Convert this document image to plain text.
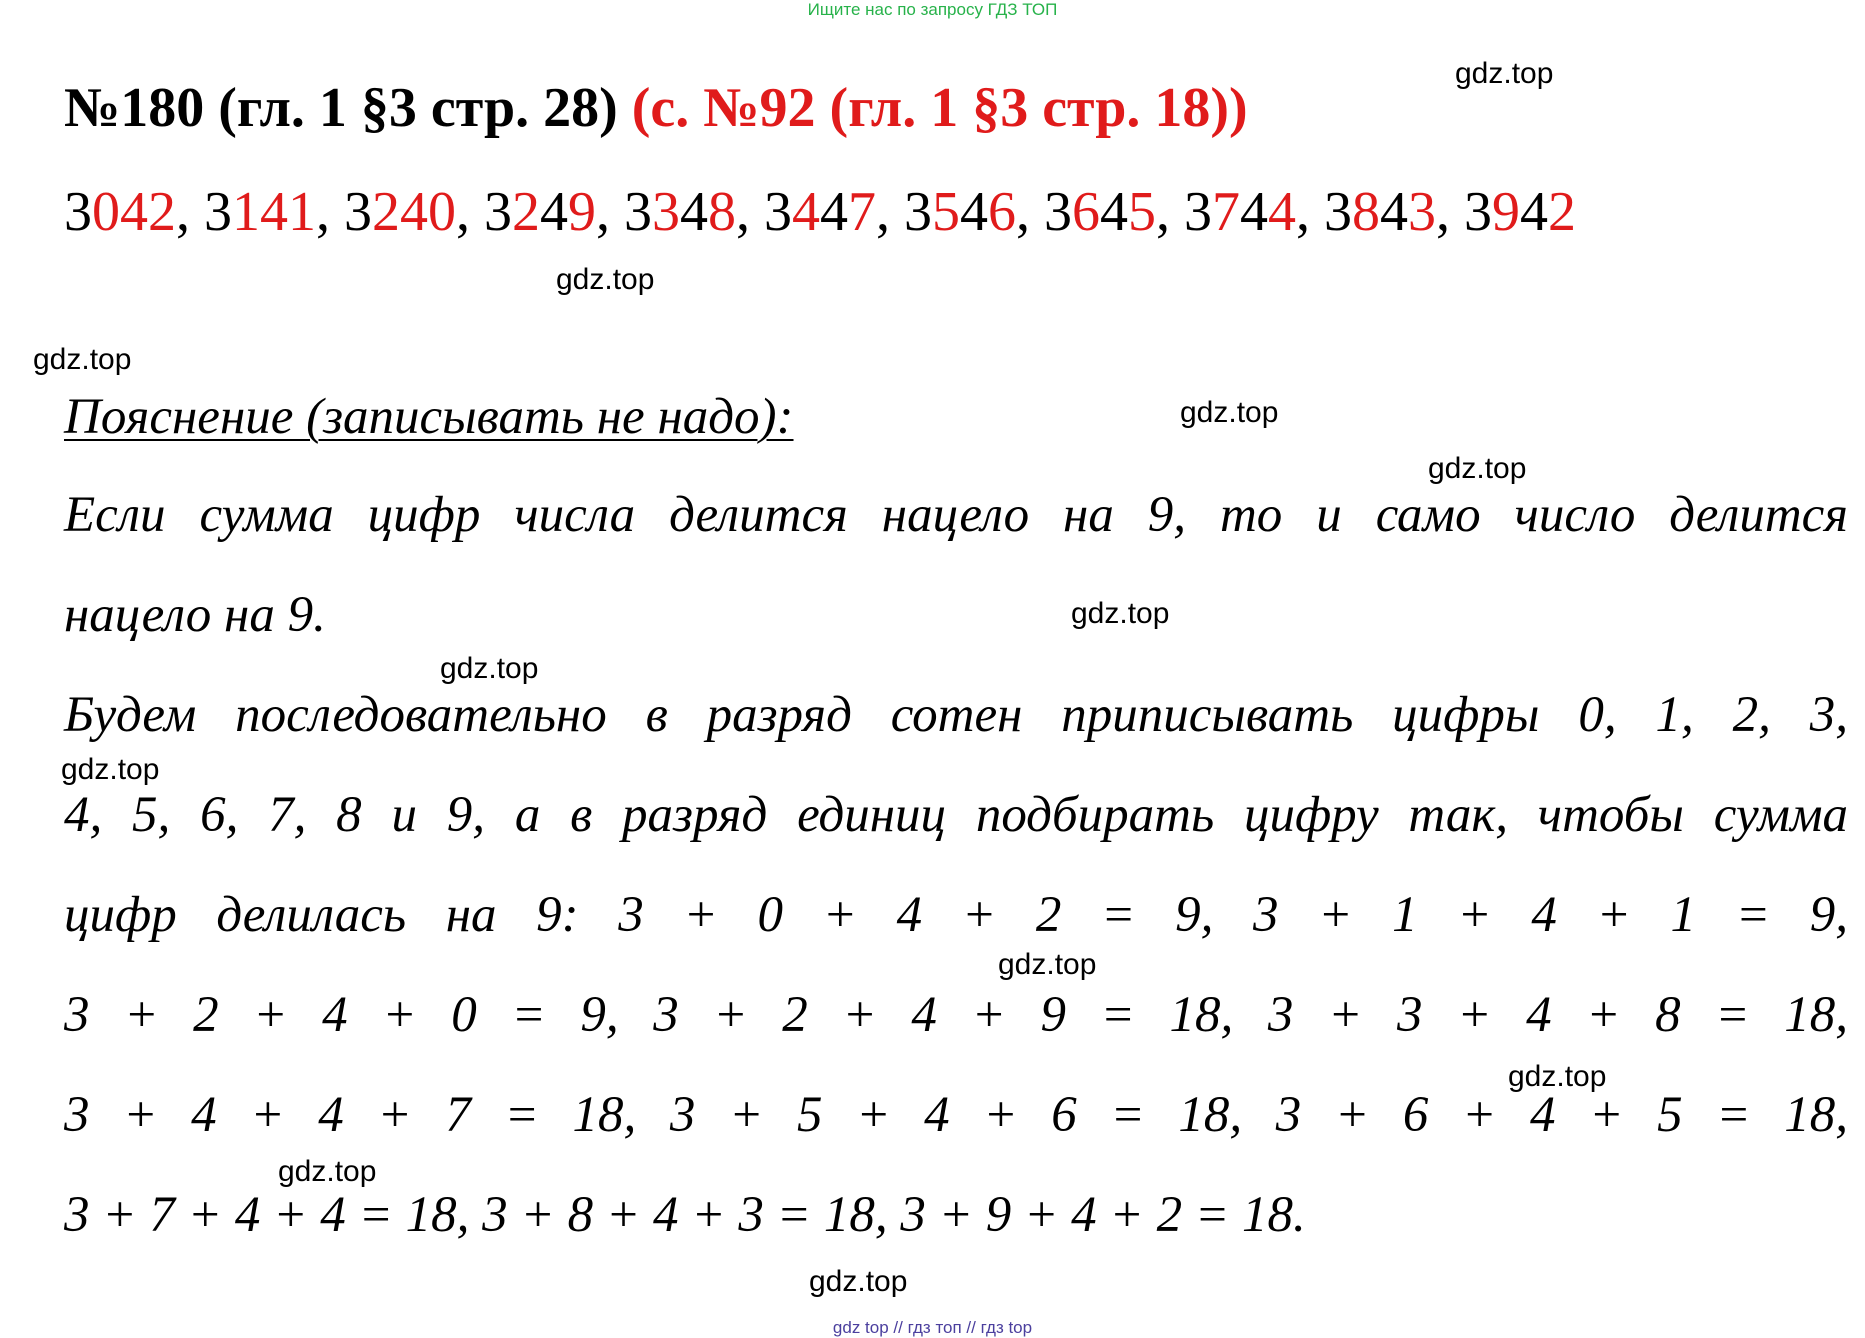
Ищите нас по запросу ГДЗ ТОП
№180 (гл. 1 §3 стр. 28) (с. №92 (гл. 1 §3 стр. 18))
3042, 3141, 3240, 3249, 3348, 3447, 3546, 3645, 3744, 3843, 3942
Пояснение (записывать не надо):
Если сумма цифр числа делится нацело на 9, то и само число делится
нацело на 9.
Будем последовательно в разряд сотен приписывать цифры 0, 1, 2, 3,
4, 5, 6, 7, 8 и 9, а в разряд единиц подбирать цифру так, чтобы сумма
цифр делилась на 9: 3 + 0 + 4 + 2 = 9, 3 + 1 + 4 + 1 = 9,
3 + 2 + 4 + 0 = 9, 3 + 2 + 4 + 9 = 18, 3 + 3 + 4 + 8 = 18,
3 + 4 + 4 + 7 = 18, 3 + 5 + 4 + 6 = 18, 3 + 6 + 4 + 5 = 18,
3 + 7 + 4 + 4 = 18, 3 + 8 + 4 + 3 = 18, 3 + 9 + 4 + 2 = 18.
gdz.top
gdz.top
gdz.top
gdz.top
gdz.top
gdz.top
gdz.top
gdz.top
gdz.top
gdz.top
gdz.top
gdz.top
gdz top // гдз топ // гдз top
